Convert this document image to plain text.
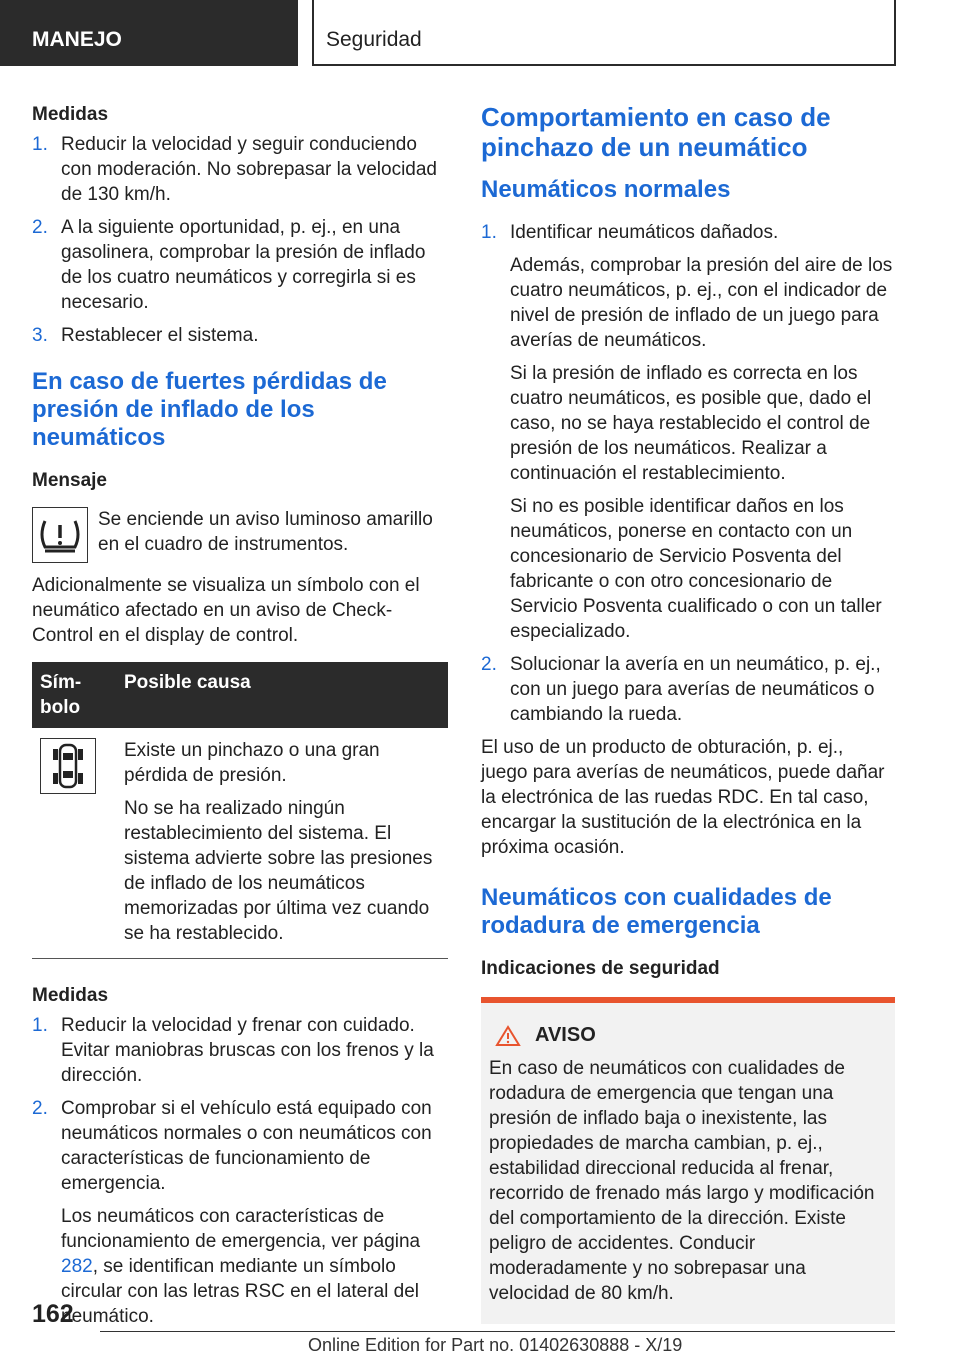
MANEJO	Seguridad
Medidas
1. Reducir la velocidad y seguir conduciendo con moderación. No sobrepasar la velocidad de 130 km/h.

2. A la siguiente oportunidad, p. ej., en una gasolinera, comprobar la presión de inflado de los cuatro neumáticos y corregirla si es necesario.

3. Restablecer el sistema.

En caso de fuertes pérdidas de presión de inflado de los neumáticos
Mensaje

Se enciende un aviso luminoso amarillo en el cuadro de instrumentos.

Adicionalmente se visualiza un símbolo con el neumático afectado en un aviso de Check-Control en el display de control.

Sím-bolo	Posible causa

Existe un pinchazo o una gran pérdida de presión.

No se ha realizado ningún restablecimiento del sistema. El sistema advierte sobre las presiones de inflado de los neumáticos memorizadas por última vez cuando se ha restablecido.

Medidas
1. Reducir la velocidad y frenar con cuidado. Evitar maniobras bruscas con los frenos y la dirección.

2. Comprobar si el vehículo está equipado con neumáticos normales o con neumáticos con características de funcionamiento de emergencia.

Los neumáticos con características de funcionamiento de emergencia, ver página 282, se identifican mediante un símbolo circular con las letras RSC en el lateral del neumático.

Comportamiento en caso de pinchazo de un neumático
Neumáticos normales
1. Identificar neumáticos dañados.

Además, comprobar la presión del aire de los cuatro neumáticos, p. ej., con el indicador de nivel de presión de inflado de un juego para averías de neumáticos.

Si la presión de inflado es correcta en los cuatro neumáticos, es posible que, dado el caso, no se haya restablecido el control de presión de los neumáticos. Realizar a continuación el restablecimiento.

Si no es posible identificar daños en los neumáticos, ponerse en contacto con un concesionario de Servicio Posventa del fabricante o con otro concesionario de Servicio Posventa cualificado o con un taller especializado.

2. Solucionar la avería en un neumático, p. ej., con un juego para averías de neumáticos o cambiando la rueda.

El uso de un producto de obturación, p. ej., juego para averías de neumáticos, puede dañar la electrónica de las ruedas RDC. En tal caso, encargar la sustitución de la electrónica en la próxima ocasión.

Neumáticos con cualidades de rodadura de emergencia
Indicaciones de seguridad
AVISO

En caso de neumáticos con cualidades de rodadura de emergencia que tengan una presión de inflado baja o inexistente, las propiedades de marcha cambian, p. ej., estabilidad direccional reducida al frenar, recorrido de frenado más largo y modificación del comportamiento de la dirección. Existe peligro de accidentes. Conducir moderadamente y no sobrepasar una velocidad de 80 km/h.

162
Online Edition for Part no. 01402630888 - X/19
